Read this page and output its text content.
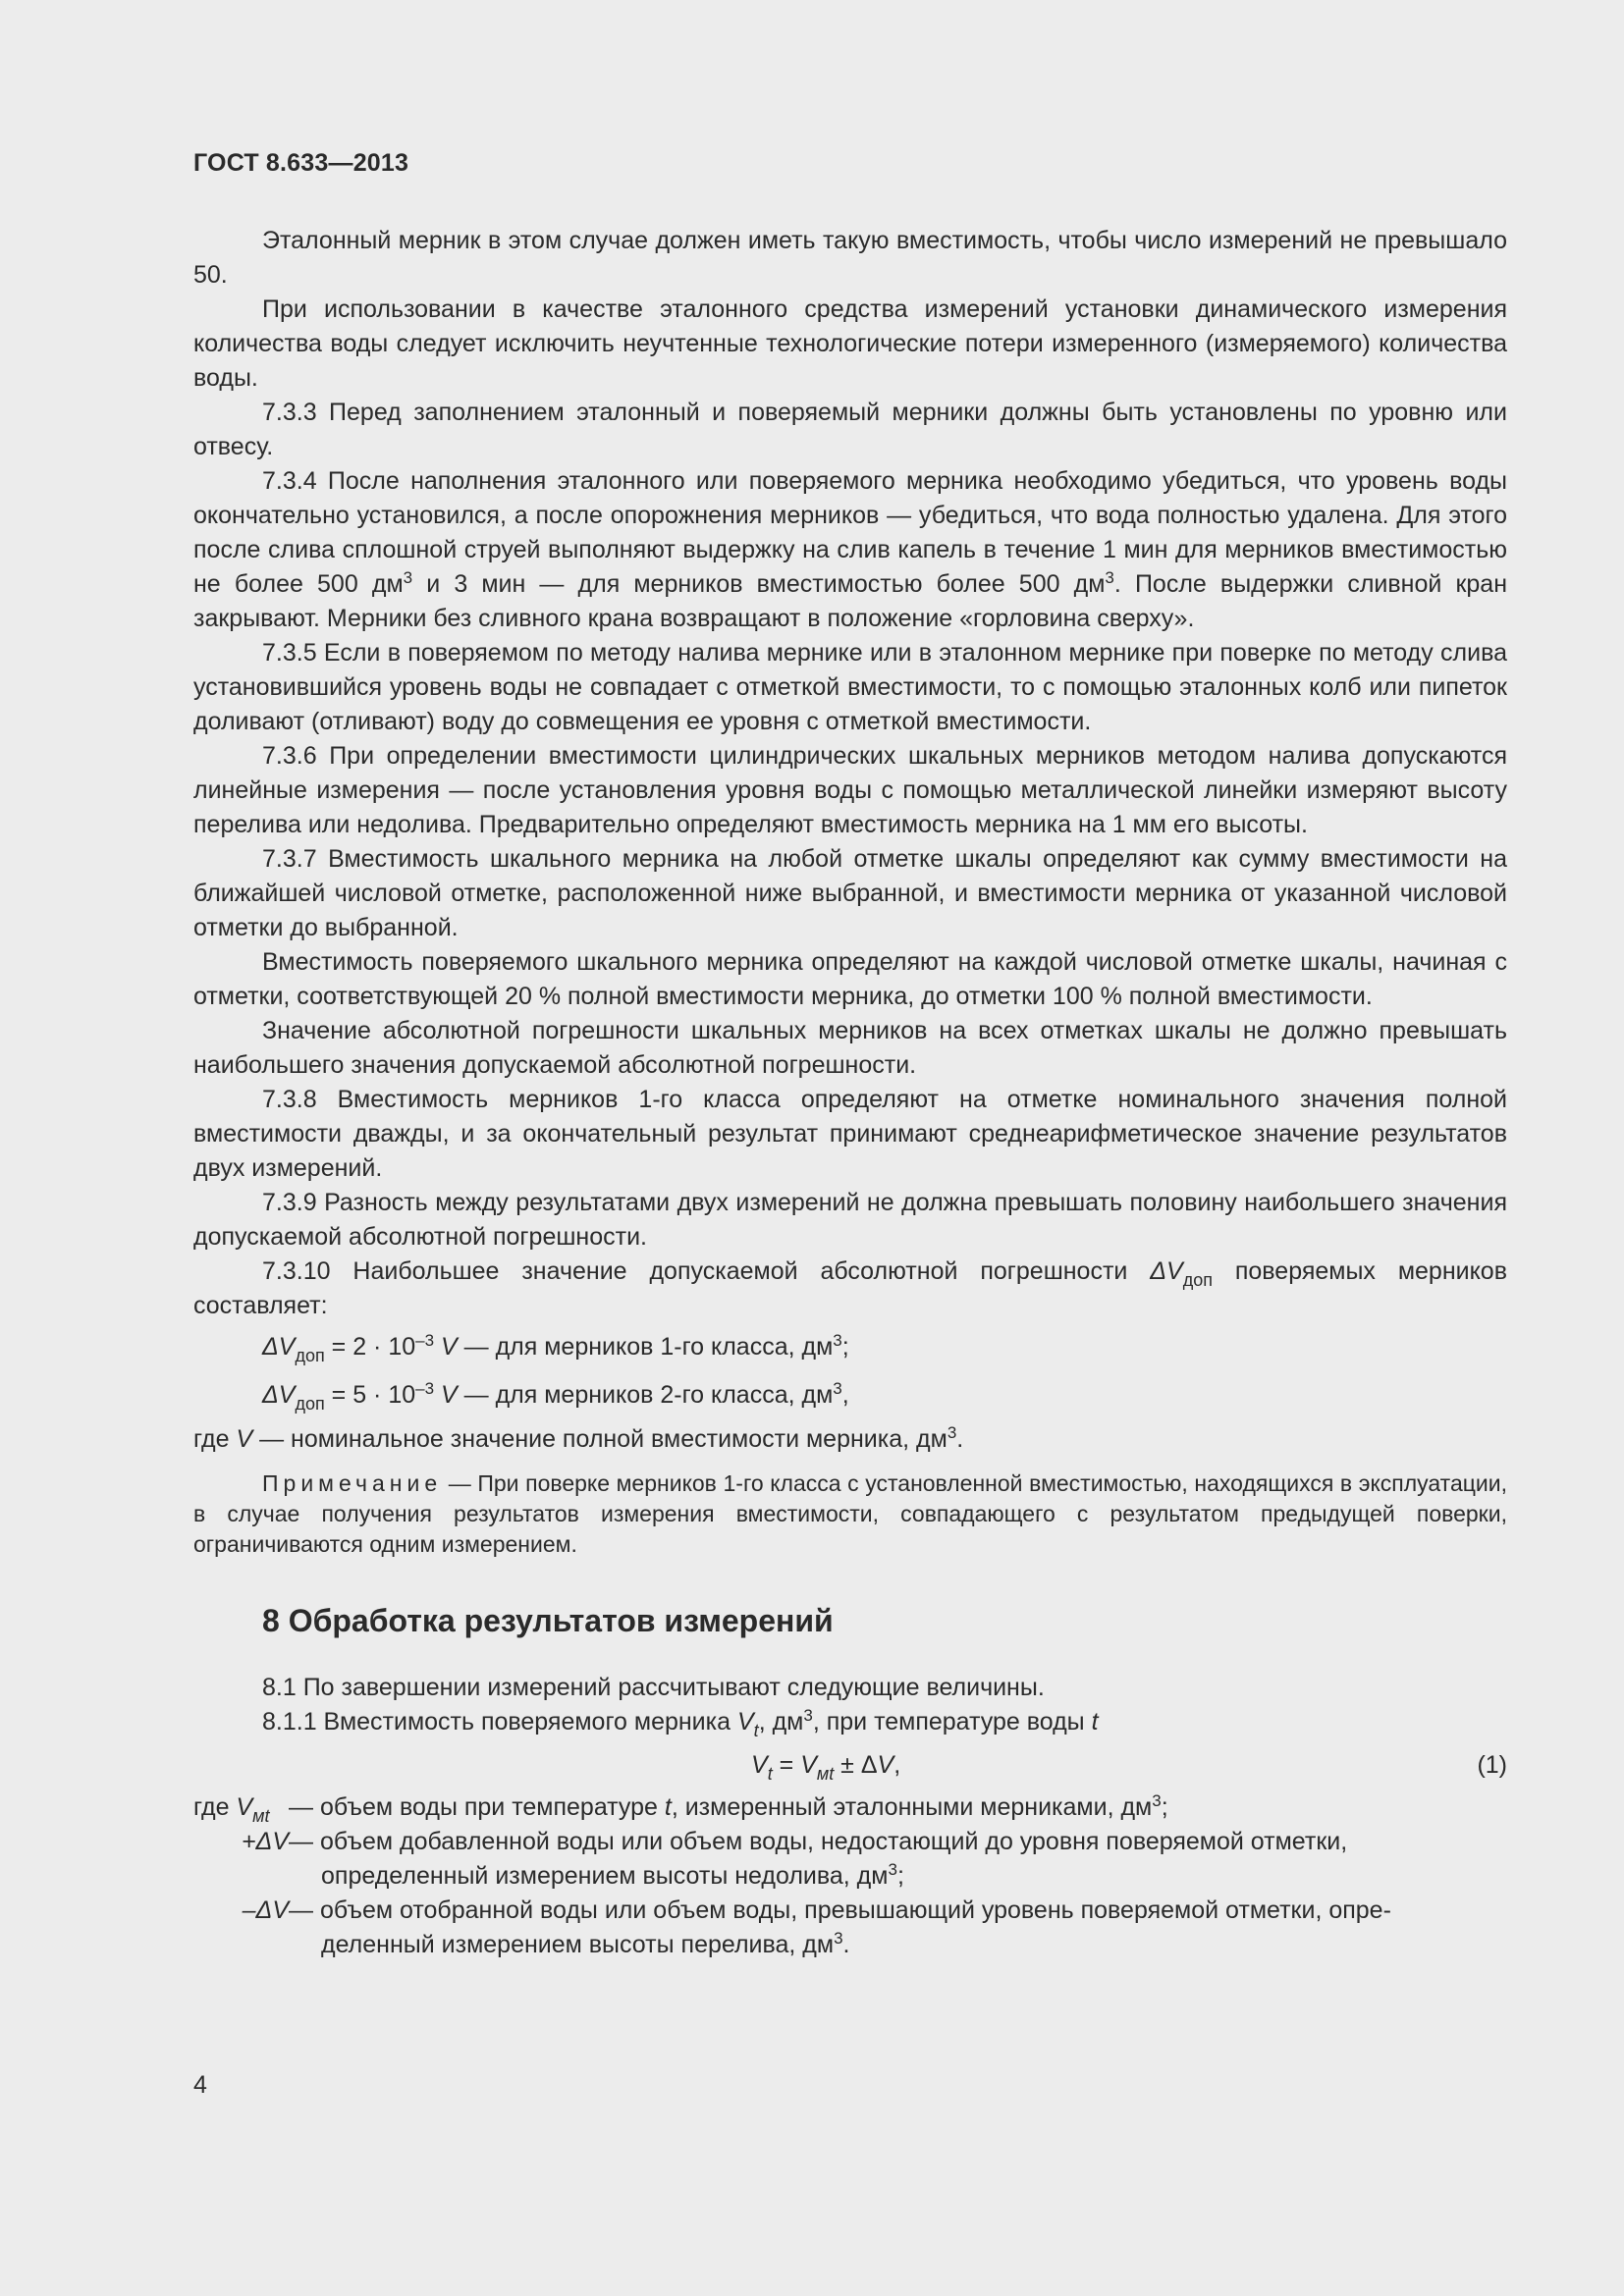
ГОСТ 8.633—2013

Эталонный мерник в этом случае должен иметь такую вместимость, чтобы число измерений не превышало 50.

При использовании в качестве эталонного средства измерений установки динамического измерения количества воды следует исключить неучтенные технологические потери измеренного (измеряемого) количества воды.

7.3.3 Перед заполнением эталонный и поверяемый мерники должны быть установлены по уровню или отвесу.

7.3.4 После наполнения эталонного или поверяемого мерника необходимо убедиться, что уровень воды окончательно установился, а после опорожнения мерников — убедиться, что вода полностью удалена. Для этого после слива сплошной струей выполняют выдержку на слив капель в течение 1 мин для мерников вместимостью не более 500 $дм^3$ и 3 мин — для мерников вместимостью более 500 $дм^3$. После выдержки сливной кран закрывают. Мерники без сливного крана возвращают в положение «горловина сверху».

7.3.5 Если в поверяемом по методу налива мернике или в эталонном мернике при поверке по методу слива установившийся уровень воды не совпадает с отметкой вместимости, то с помощью эталонных колб или пипеток доливают (отливают) воду до совмещения ее уровня с отметкой вместимости.

7.3.6 При определении вместимости цилиндрических шкальных мерников методом налива допускаются линейные измерения — после установления уровня воды с помощью металлической линейки измеряют высоту перелива или недолива. Предварительно определяют вместимость мерника на 1 мм его высоты.

7.3.7 Вместимость шкального мерника на любой отметке шкалы определяют как сумму вместимости на ближайшей числовой отметке, расположенной ниже выбранной, и вместимости мерника от указанной числовой отметки до выбранной.

Вместимость поверяемого шкального мерника определяют на каждой числовой отметке шкалы, начиная с отметки, соответствующей 20 % полной вместимости мерника, до отметки 100 % полной вместимости.

Значение абсолютной погрешности шкальных мерников на всех отметках шкалы не должно превышать наибольшего значения допускаемой абсолютной погрешности.

7.3.8 Вместимость мерников 1-го класса определяют на отметке номинального значения полной вместимости дважды, и за окончательный результат принимают среднеарифметическое значение результатов двух измерений.

7.3.9 Разность между результатами двух измерений не должна превышать половину наибольшего значения допускаемой абсолютной погрешности.

7.3.10 Наибольшее значение допускаемой абсолютной погрешности $\Delta V_{доп}$ поверяемых мерников составляет:

$\Delta V_{доп} = 2 \cdot 10^{-3}$ V — для мерников 1-го класса, $дм^3$;
$\Delta V_{доп} = 5 \cdot 10^{-3}$ V — для мерников 2-го класса, $дм^3$,
где V — номинальное значение полной вместимости мерника, $дм^3$.
Примечание — При поверке мерников 1-го класса с установленной вместимостью, находящихся в эксплуатации, в случае получения результатов измерения вместимости, совпадающего с результатом предыдущей поверки, ограничиваются одним измерением.
8 Обработка результатов измерений

8.1 По завершении измерений рассчитывают следующие величины.

8.1.1 Вместимость поверяемого мерника $V_t$, $дм^3$, при температуре воды t

$V_t = V_{мt} \pm \Delta V$,	(1)
где $V_{мt}$ — объем воды при температуре t, измеренный эталонными мерниками, $дм^3$;
+ΔV — объем добавленной воды или объем воды, недостающий до уровня поверяемой отметки,
определенный измерением высоты недолива, $дм^3$;
–ΔV — объем отобранной воды или объем воды, превышающий уровень поверяемой отметки, опре-
деленный измерением высоты перелива, $дм^3$.
4
